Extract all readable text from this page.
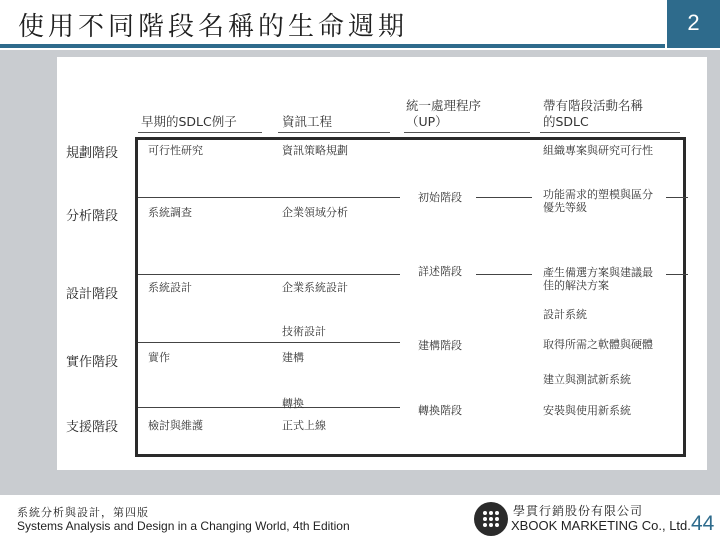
使用不同階段名稱的生命週期	2
早期的SDLC例子	資訊工程
統一處理程序
（UP）
帶有階段活動名稱
的SDLC
規劃階段
分析階段
設計階段
實作階段
支援階段
可行性研究
系統調查
系統設計
實作
檢討與維護
資訊策略規劃
企業領域分析
企業系統設計
技術設計
建構
轉換
正式上線
初始階段
詳述階段
建構階段
轉換階段
組織專案與研究可行性
功能需求的塑模與區分
優先等級
產生備選方案與建議最
佳的解決方案
設計系統
取得所需之軟體與硬體
建立與測試新系統
安裝與使用新系統
系統分析與設計，第四版
Systems Analysis and Design in a Changing World, 4th Edition
學貫行銷股份有限公司
XBOOK MARKETING Co., Ltd. 44
